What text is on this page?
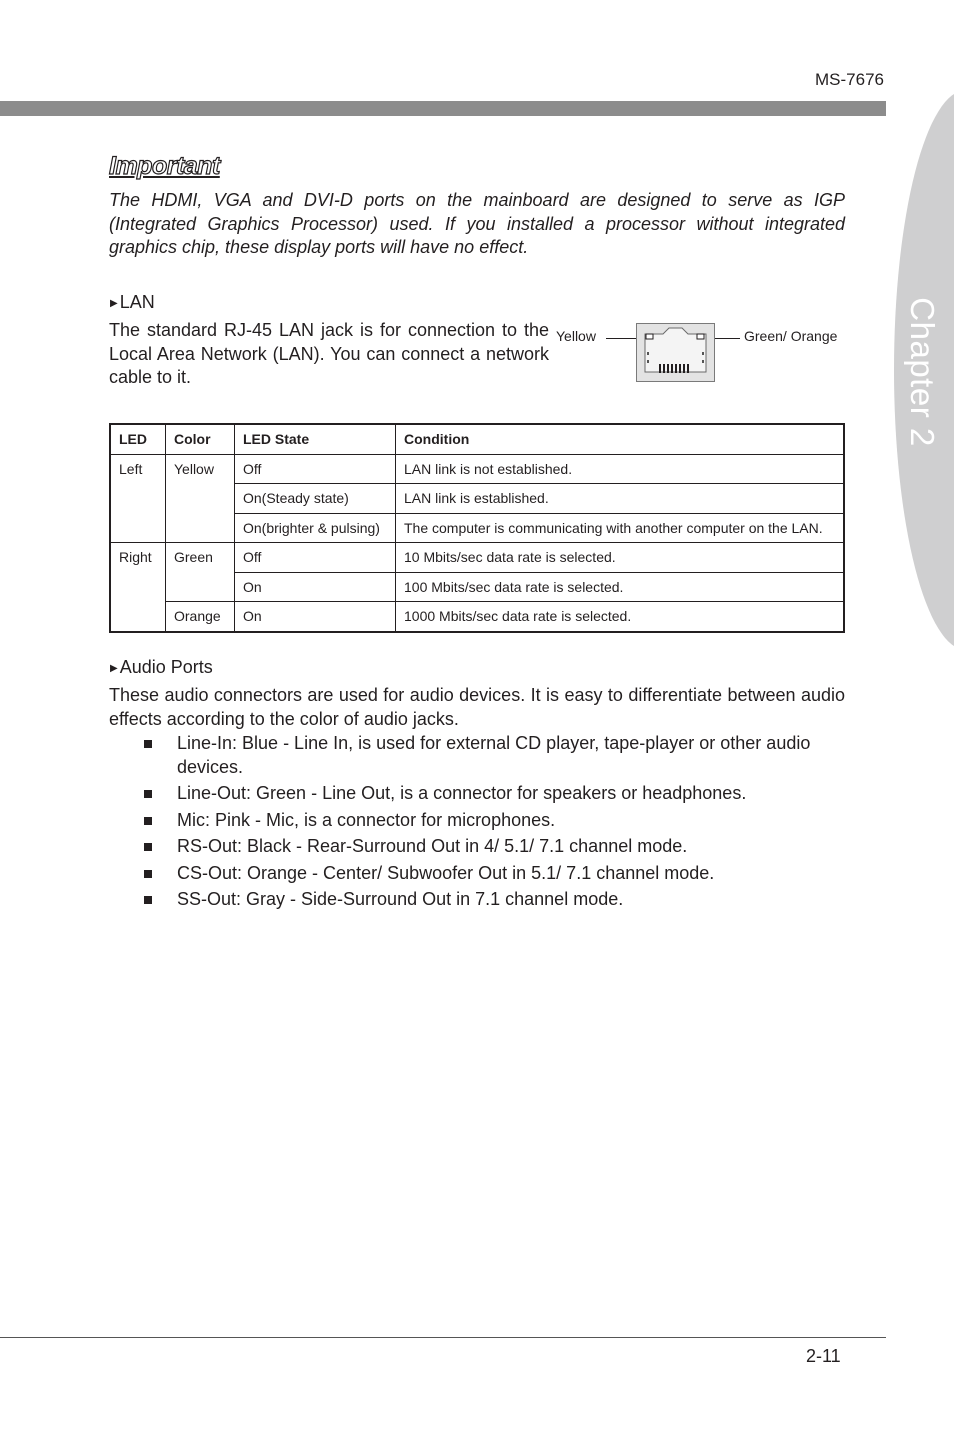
MS-7676
Chapter 2
Important
The HDMI, VGA and DVI-D ports on the mainboard are designed to serve as IGP (Integrated Graphics Processor) used. If you installed a processor without integrated graphics chip, these display ports will have no effect.
▶ LAN
The standard RJ-45 LAN jack is for connection to the Local Area Network (LAN). You can connect a network cable to it.
Yellow	Green/ Orange
LED	Color	LED State	Condition
Left	Yellow	Off	LAN link is not established.
		On(Steady state)	LAN link is established.
		On(brighter & pulsing)	The computer is communicating with another computer on the LAN.
Right	Green	Off	10 Mbits/sec data rate is selected.
		On	100 Mbits/sec data rate is selected.
	Orange	On	1000 Mbits/sec data rate is selected.
▶ Audio Ports
These audio connectors are used for audio devices. It is easy to differentiate between audio effects according to the color of audio jacks.
Line-In: Blue - Line In, is used for external CD player, tape-player or other audio devices.
Line-Out: Green - Line Out, is a connector for speakers or headphones.
Mic: Pink - Mic, is a connector for microphones.
RS-Out: Black - Rear-Surround Out in 4/ 5.1/ 7.1 channel mode.
CS-Out: Orange - Center/ Subwoofer Out in 5.1/ 7.1 channel mode.
SS-Out: Gray - Side-Surround Out in 7.1 channel mode.
2-11
